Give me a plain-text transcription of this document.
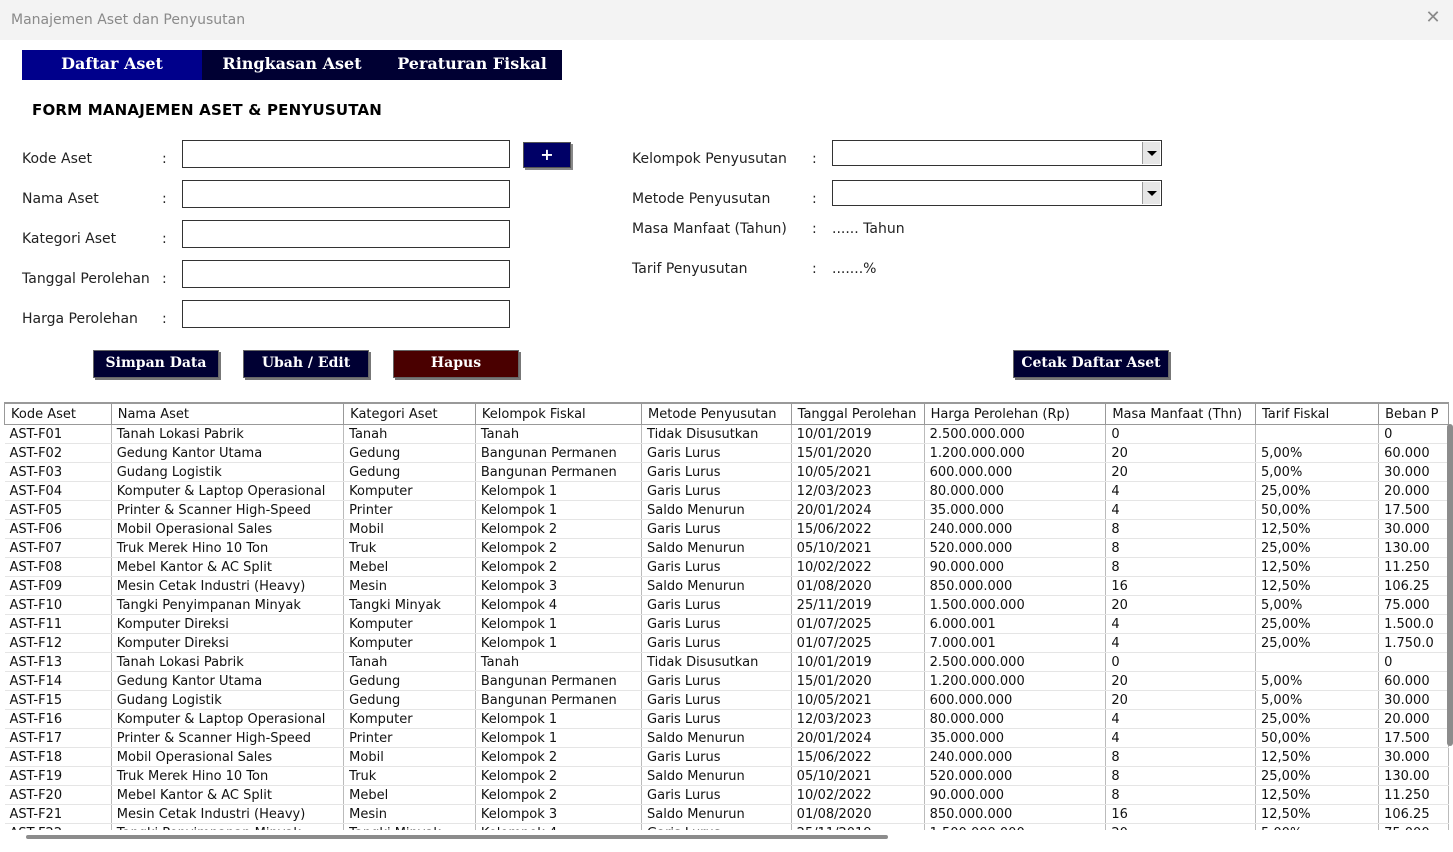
Manajemen Aset dan Penyusutan	✕
Daftar Aset	Ringkasan Aset	Peraturan Fiskal
FORM MANAJEMEN ASET & PENYUSUTAN
Kode Aset	:	+
Nama Aset	:
Kategori Aset	:
Tanggal Perolehan :
Harga Perolehan :
Kelompok Penyusutan :
Metode Penyusutan	:
Masa Manfaat (Tahun) : ...... Tahun
Tarif Penyusutan	: .......%
Simpan Data	Ubah / Edit	Hapus	Cetak Daftar Aset
Kode Aset	Nama Aset	Kategori Aset	Kelompok Fiskal	Metode Penyusutan	Tanggal Perolehan	Harga Perolehan (Rp)	Masa Manfaat (Thn)	Tarif Fiskal	Beban P
AST-F01	Tanah Lokasi Pabrik	Tanah	Tanah	Tidak Disusutkan	10/01/2019	2.500.000.000	0		0
AST-F02	Gedung Kantor Utama	Gedung	Bangunan Permanen	Garis Lurus	15/01/2020	1.200.000.000	20	5,00%	60.000
AST-F03	Gudang Logistik	Gedung	Bangunan Permanen	Garis Lurus	10/05/2021	600.000.000	20	5,00%	30.000
AST-F04	Komputer & Laptop Operasional	Komputer	Kelompok 1	Garis Lurus	12/03/2023	80.000.000	4	25,00%	20.000
AST-F05	Printer & Scanner High-Speed	Printer	Kelompok 1	Saldo Menurun	20/01/2024	35.000.000	4	50,00%	17.500
AST-F06	Mobil Operasional Sales	Mobil	Kelompok 2	Garis Lurus	15/06/2022	240.000.000	8	12,50%	30.000
AST-F07	Truk Merek Hino 10 Ton	Truk	Kelompok 2	Saldo Menurun	05/10/2021	520.000.000	8	25,00%	130.00
AST-F08	Mebel Kantor & AC Split	Mebel	Kelompok 2	Garis Lurus	10/02/2022	90.000.000	8	12,50%	11.250
AST-F09	Mesin Cetak Industri (Heavy)	Mesin	Kelompok 3	Saldo Menurun	01/08/2020	850.000.000	16	12,50%	106.25
AST-F10	Tangki Penyimpanan Minyak	Tangki Minyak	Kelompok 4	Garis Lurus	25/11/2019	1.500.000.000	20	5,00%	75.000
AST-F11	Komputer Direksi	Komputer	Kelompok 1	Garis Lurus	01/07/2025	6.000.001	4	25,00%	1.500.0
AST-F12	Komputer Direksi	Komputer	Kelompok 1	Garis Lurus	01/07/2025	7.000.001	4	25,00%	1.750.0
AST-F13	Tanah Lokasi Pabrik	Tanah	Tanah	Tidak Disusutkan	10/01/2019	2.500.000.000	0		0
AST-F14	Gedung Kantor Utama	Gedung	Bangunan Permanen	Garis Lurus	15/01/2020	1.200.000.000	20	5,00%	60.000
AST-F15	Gudang Logistik	Gedung	Bangunan Permanen	Garis Lurus	10/05/2021	600.000.000	20	5,00%	30.000
AST-F16	Komputer & Laptop Operasional	Komputer	Kelompok 1	Garis Lurus	12/03/2023	80.000.000	4	25,00%	20.000
AST-F17	Printer & Scanner High-Speed	Printer	Kelompok 1	Saldo Menurun	20/01/2024	35.000.000	4	50,00%	17.500
AST-F18	Mobil Operasional Sales	Mobil	Kelompok 2	Garis Lurus	15/06/2022	240.000.000	8	12,50%	30.000
AST-F19	Truk Merek Hino 10 Ton	Truk	Kelompok 2	Saldo Menurun	05/10/2021	520.000.000	8	25,00%	130.00
AST-F20	Mebel Kantor & AC Split	Mebel	Kelompok 2	Garis Lurus	10/02/2022	90.000.000	8	12,50%	11.250
AST-F21	Mesin Cetak Industri (Heavy)	Mesin	Kelompok 3	Saldo Menurun	01/08/2020	850.000.000	16	12,50%	106.25
